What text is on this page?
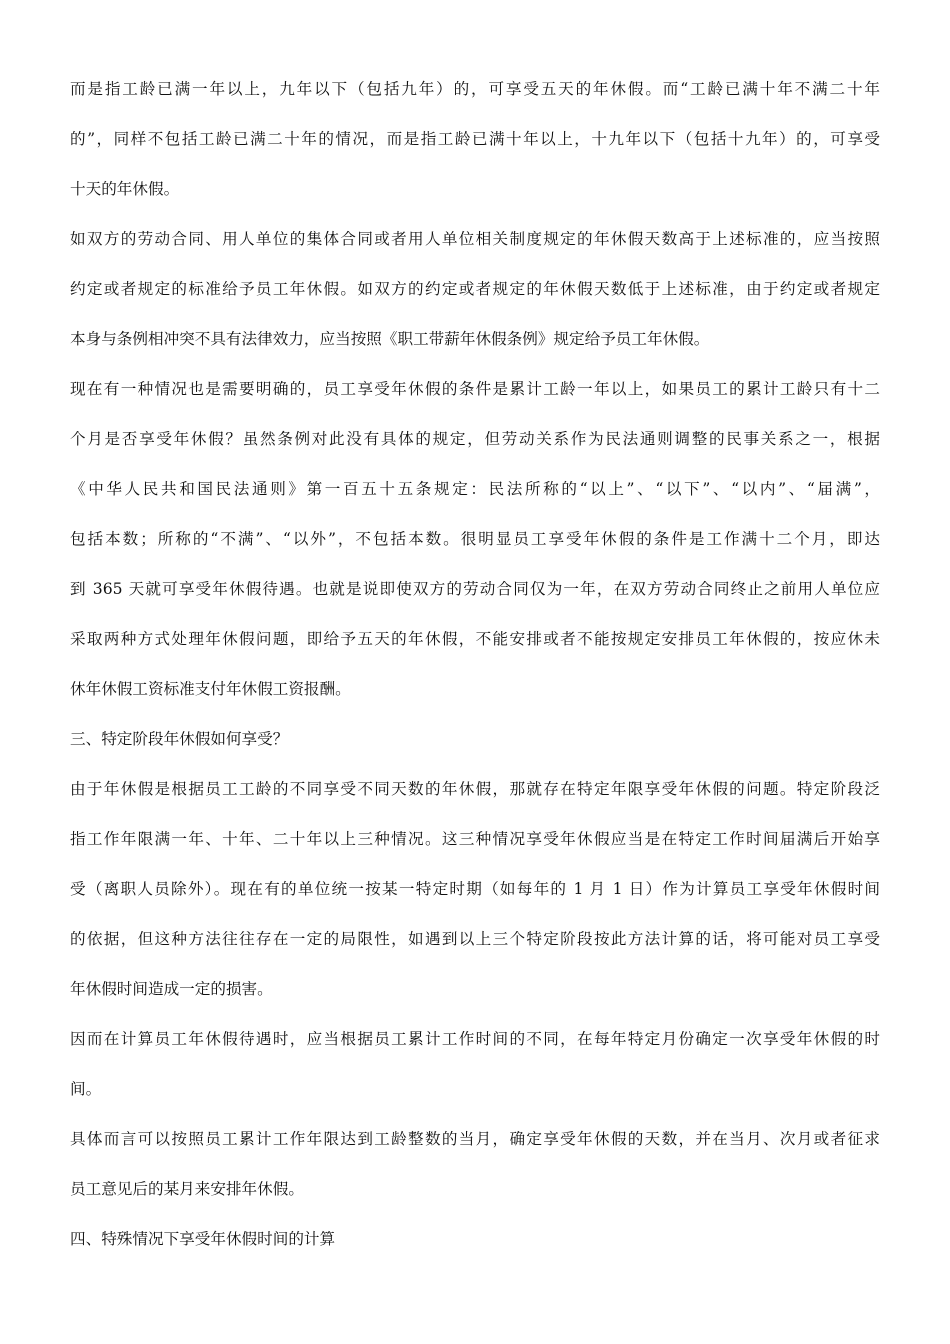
而是指工龄已满一年以上，九年以下（包括九年）的，可享受五天的年休假。而“工龄已满十年不满二十年
的”，同样不包括工龄已满二十年的情况，而是指工龄已满十年以上，十九年以下（包括十九年）的，可享受
十天的年休假。
如双方的劳动合同、用人单位的集体合同或者用人单位相关制度规定的年休假天数高于上述标准的，应当按照
约定或者规定的标准给予员工年休假。如双方的约定或者规定的年休假天数低于上述标准，由于约定或者规定
本身与条例相冲突不具有法律效力，应当按照《职工带薪年休假条例》规定给予员工年休假。
现在有一种情况也是需要明确的，员工享受年休假的条件是累计工龄一年以上，如果员工的累计工龄只有十二
个月是否享受年休假？虽然条例对此没有具体的规定，但劳动关系作为民法通则调整的民事关系之一，根据
《中华人民共和国民法通则》第一百五十五条规定：民法所称的“以上”、“以下”、“以内”、“届满”，
包括本数；所称的“不满”、“以外”，不包括本数。很明显员工享受年休假的条件是工作满十二个月，即达
到 365 天就可享受年休假待遇。也就是说即使双方的劳动合同仅为一年，在双方劳动合同终止之前用人单位应
采取两种方式处理年休假问题，即给予五天的年休假，不能安排或者不能按规定安排员工年休假的，按应休未
休年休假工资标准支付年休假工资报酬。
三、特定阶段年休假如何享受？
由于年休假是根据员工工龄的不同享受不同天数的年休假，那就存在特定年限享受年休假的问题。特定阶段泛
指工作年限满一年、十年、二十年以上三种情况。这三种情况享受年休假应当是在特定工作时间届满后开始享
受（离职人员除外）。现在有的单位统一按某一特定时期（如每年的 1 月 1 日）作为计算员工享受年休假时间
的依据，但这种方法往往存在一定的局限性，如遇到以上三个特定阶段按此方法计算的话，将可能对员工享受
年休假时间造成一定的损害。
因而在计算员工年休假待遇时，应当根据员工累计工作时间的不同，在每年特定月份确定一次享受年休假的时
间。
具体而言可以按照员工累计工作年限达到工龄整数的当月，确定享受年休假的天数，并在当月、次月或者征求
员工意见后的某月来安排年休假。
四、特殊情况下享受年休假时间的计算
